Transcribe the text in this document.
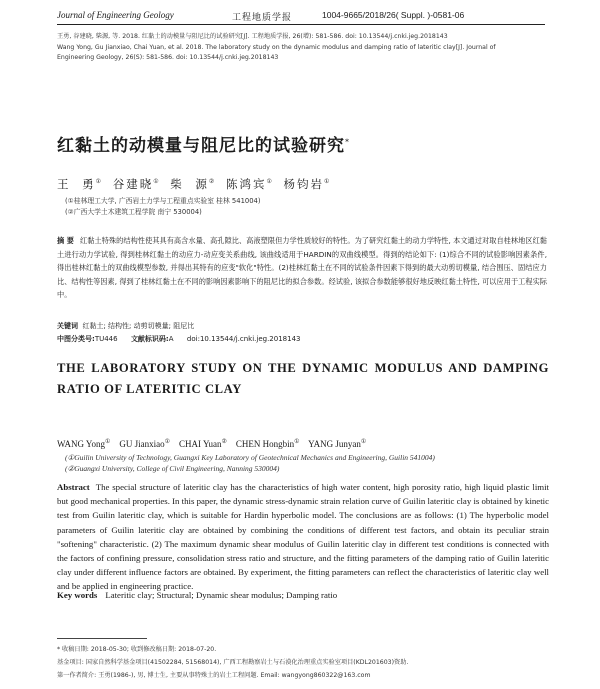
Journal of Engineering Geology	工程地质学报	1004-9665/2018/26( Suppl. )-0581-06
王勇, 谷建晓, 柴源, 等. 2018. 红黏土的动模量与阻尼比的试验研究[J]. 工程地质学报, 26(增): 581-586. doi: 10.13544/j.cnki.jeg.2018143
Wang Yong, Gu Jianxiao, Chai Yuan, et al. 2018. The laboratory study on the dynamic modulus and damping ratio of lateritic clay[J]. Journal of
Engineering Geology, 26(S): 581-586. doi: 10.13544/j.cnki.jeg.2018143
红黏土的动模量与阻尼比的试验研究*
王 勇① 谷建晓① 柴 源② 陈鸿宾① 杨钧岩①
(①桂林理工大学, 广西岩土力学与工程重点实验室 桂林 541004)
(②广西大学土木建筑工程学院 南宁 530004)
摘 要 红黏土特殊的结构性使其具有高含水量、高孔隙比、高液塑限但力学性质较好的特性。为了研究红黏土的动力学特性, 本文通过对取自桂林地区红黏土进行动力学试验, 得到桂林红黏土的动应力-动应变关系曲线, 该曲线适用于HARDIN的双曲线模型。得到的结论如下: (1)综合不同的试验影响因素条件, 得出桂林红黏土的双曲线模型参数, 并得出其特有的应变"软化"特性。(2)桂林红黏土在不同的试验条件因素下得到的最大动剪切模量, 结合围压、固结应力比、结构性等因素, 得到了桂林红黏土在不同的影响因素影响下的阻尼比的拟合参数。经试验, 该拟合参数能够很好地反映红黏土特性, 可以应用于工程实际中。
关键词 红黏土; 结构性; 动剪切模量; 阻尼比
中图分类号:TU446 文献标识码:A doi:10.13544/j.cnki.jeg.2018143
THE LABORATORY STUDY ON THE DYNAMIC MODULUS AND DAMPING RATIO OF LATERITIC CLAY
WANG Yong① GU Jianxiao① CHAI Yuan② CHEN Hongbin① YANG Junyan①
(①Guilin University of Technology, Guangxi Key Laboratory of Geotechnical Mechanics and Engineering, Guilin 541004)
(②Guangxi University, College of Civil Engineering, Nanning 530004)
Abstract The special structure of lateritic clay has the characteristics of high water content, high porosity ratio, high liquid plastic limit but good mechanical properties. In this paper, the dynamic stress-dynamic strain relation curve of Guilin lateritic clay is obtained by kinetic test from Guilin lateritic clay, which is suitable for Hardin hyperbolic model. The conclusions are as follows: (1) The hyperbolic model parameters of Guilin lateritic clay are obtained by combining the conditions of different test factors, and obtain its peculiar strain "softening" characteristic. (2) The maximum dynamic shear modulus of Guilin lateritic clay in different test conditions is connected with the factors of confining pressure, consolidation stress ratio and structure, and the fitting parameters of the damping ratio of Guilin lateritic clay under different influence factors are obtained. By experiment, the fitting parameters can reflect the characteristics of lateritic clay well and be applied in engineering practice.
Key words Lateritic clay; Structural; Dynamic shear modulus; Damping ratio
* 收稿日期: 2018-05-30; 收到修改稿日期: 2018-07-20.
基金项目: 国家自然科学基金项目(41502284, 51568014), 广西工程勘察岩土与石漠化治理重点实验室项目(KDL201603)资助.
第一作者简介: 王勇(1986-), 男, 博士生, 主要从事特殊土的岩土工程问题. Email: wangyong860322@163.com
